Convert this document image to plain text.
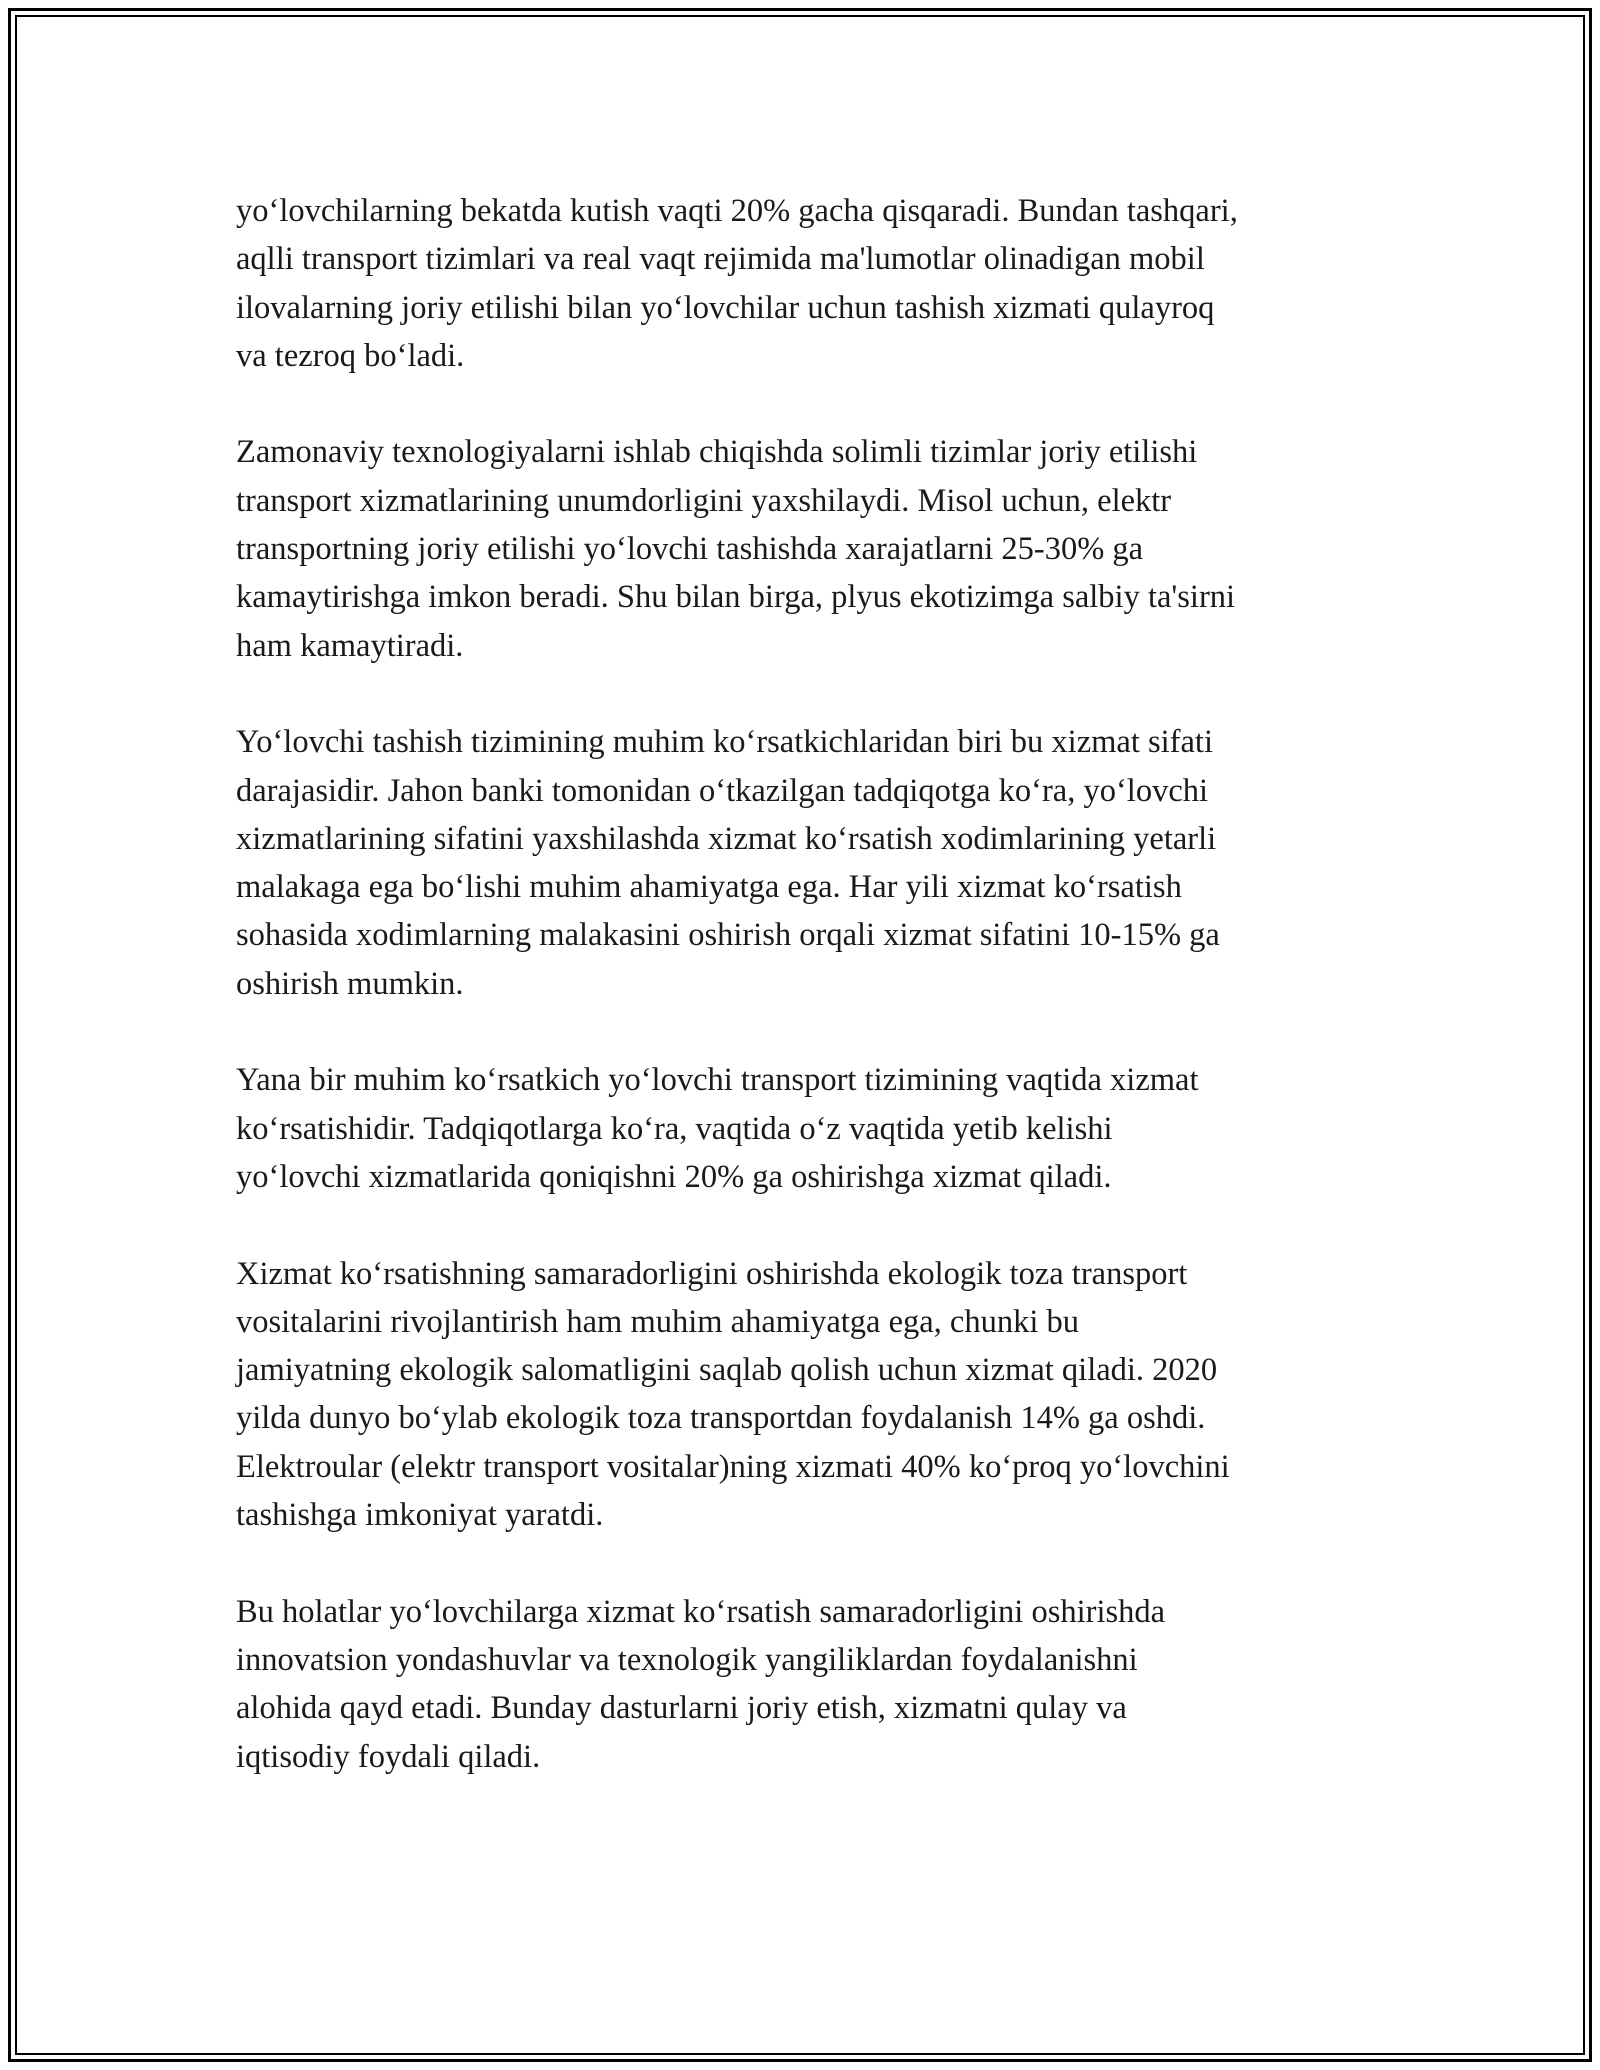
yo‘lovchilarning bekatda kutish vaqti 20% gacha qisqaradi. Bundan tashqari,
aqlli transport tizimlari va real vaqt rejimida ma'lumotlar olinadigan mobil
ilovalarning joriy etilishi bilan yo‘lovchilar uchun tashish xizmati qulayroq
va tezroq bo‘ladi.

Zamonaviy texnologiyalarni ishlab chiqishda solimli tizimlar joriy etilishi
transport xizmatlarining unumdorligini yaxshilaydi. Misol uchun, elektr
transportning joriy etilishi yo‘lovchi tashishda xarajatlarni 25-30% ga
kamaytirishga imkon beradi. Shu bilan birga, plyus ekotizimga salbiy ta'sirni
ham kamaytiradi.

Yo‘lovchi tashish tizimining muhim ko‘rsatkichlaridan biri bu xizmat sifati
darajasidir. Jahon banki tomonidan o‘tkazilgan tadqiqotga ko‘ra, yo‘lovchi
xizmatlarining sifatini yaxshilashda xizmat ko‘rsatish xodimlarining yetarli
malakaga ega bo‘lishi muhim ahamiyatga ega. Har yili xizmat ko‘rsatish
sohasida xodimlarning malakasini oshirish orqali xizmat sifatini 10-15% ga
oshirish mumkin.

Yana bir muhim ko‘rsatkich yo‘lovchi transport tizimining vaqtida xizmat
ko‘rsatishidir. Tadqiqotlarga ko‘ra, vaqtida o‘z vaqtida yetib kelishi
yo‘lovchi xizmatlarida qoniqishni 20% ga oshirishga xizmat qiladi.

Xizmat ko‘rsatishning samaradorligini oshirishda ekologik toza transport
vositalarini rivojlantirish ham muhim ahamiyatga ega, chunki bu
jamiyatning ekologik salomatligini saqlab qolish uchun xizmat qiladi. 2020
yilda dunyo bo‘ylab ekologik toza transportdan foydalanish 14% ga oshdi.
Elektroular (elektr transport vositalar)ning xizmati 40% ko‘proq yo‘lovchini
tashishga imkoniyat yaratdi.

Bu holatlar yo‘lovchilarga xizmat ko‘rsatish samaradorligini oshirishda
innovatsion yondashuvlar va texnologik yangiliklardan foydalanishni
alohida qayd etadi. Bunday dasturlarni joriy etish, xizmatni qulay va
iqtisodiy foydali qiladi.
